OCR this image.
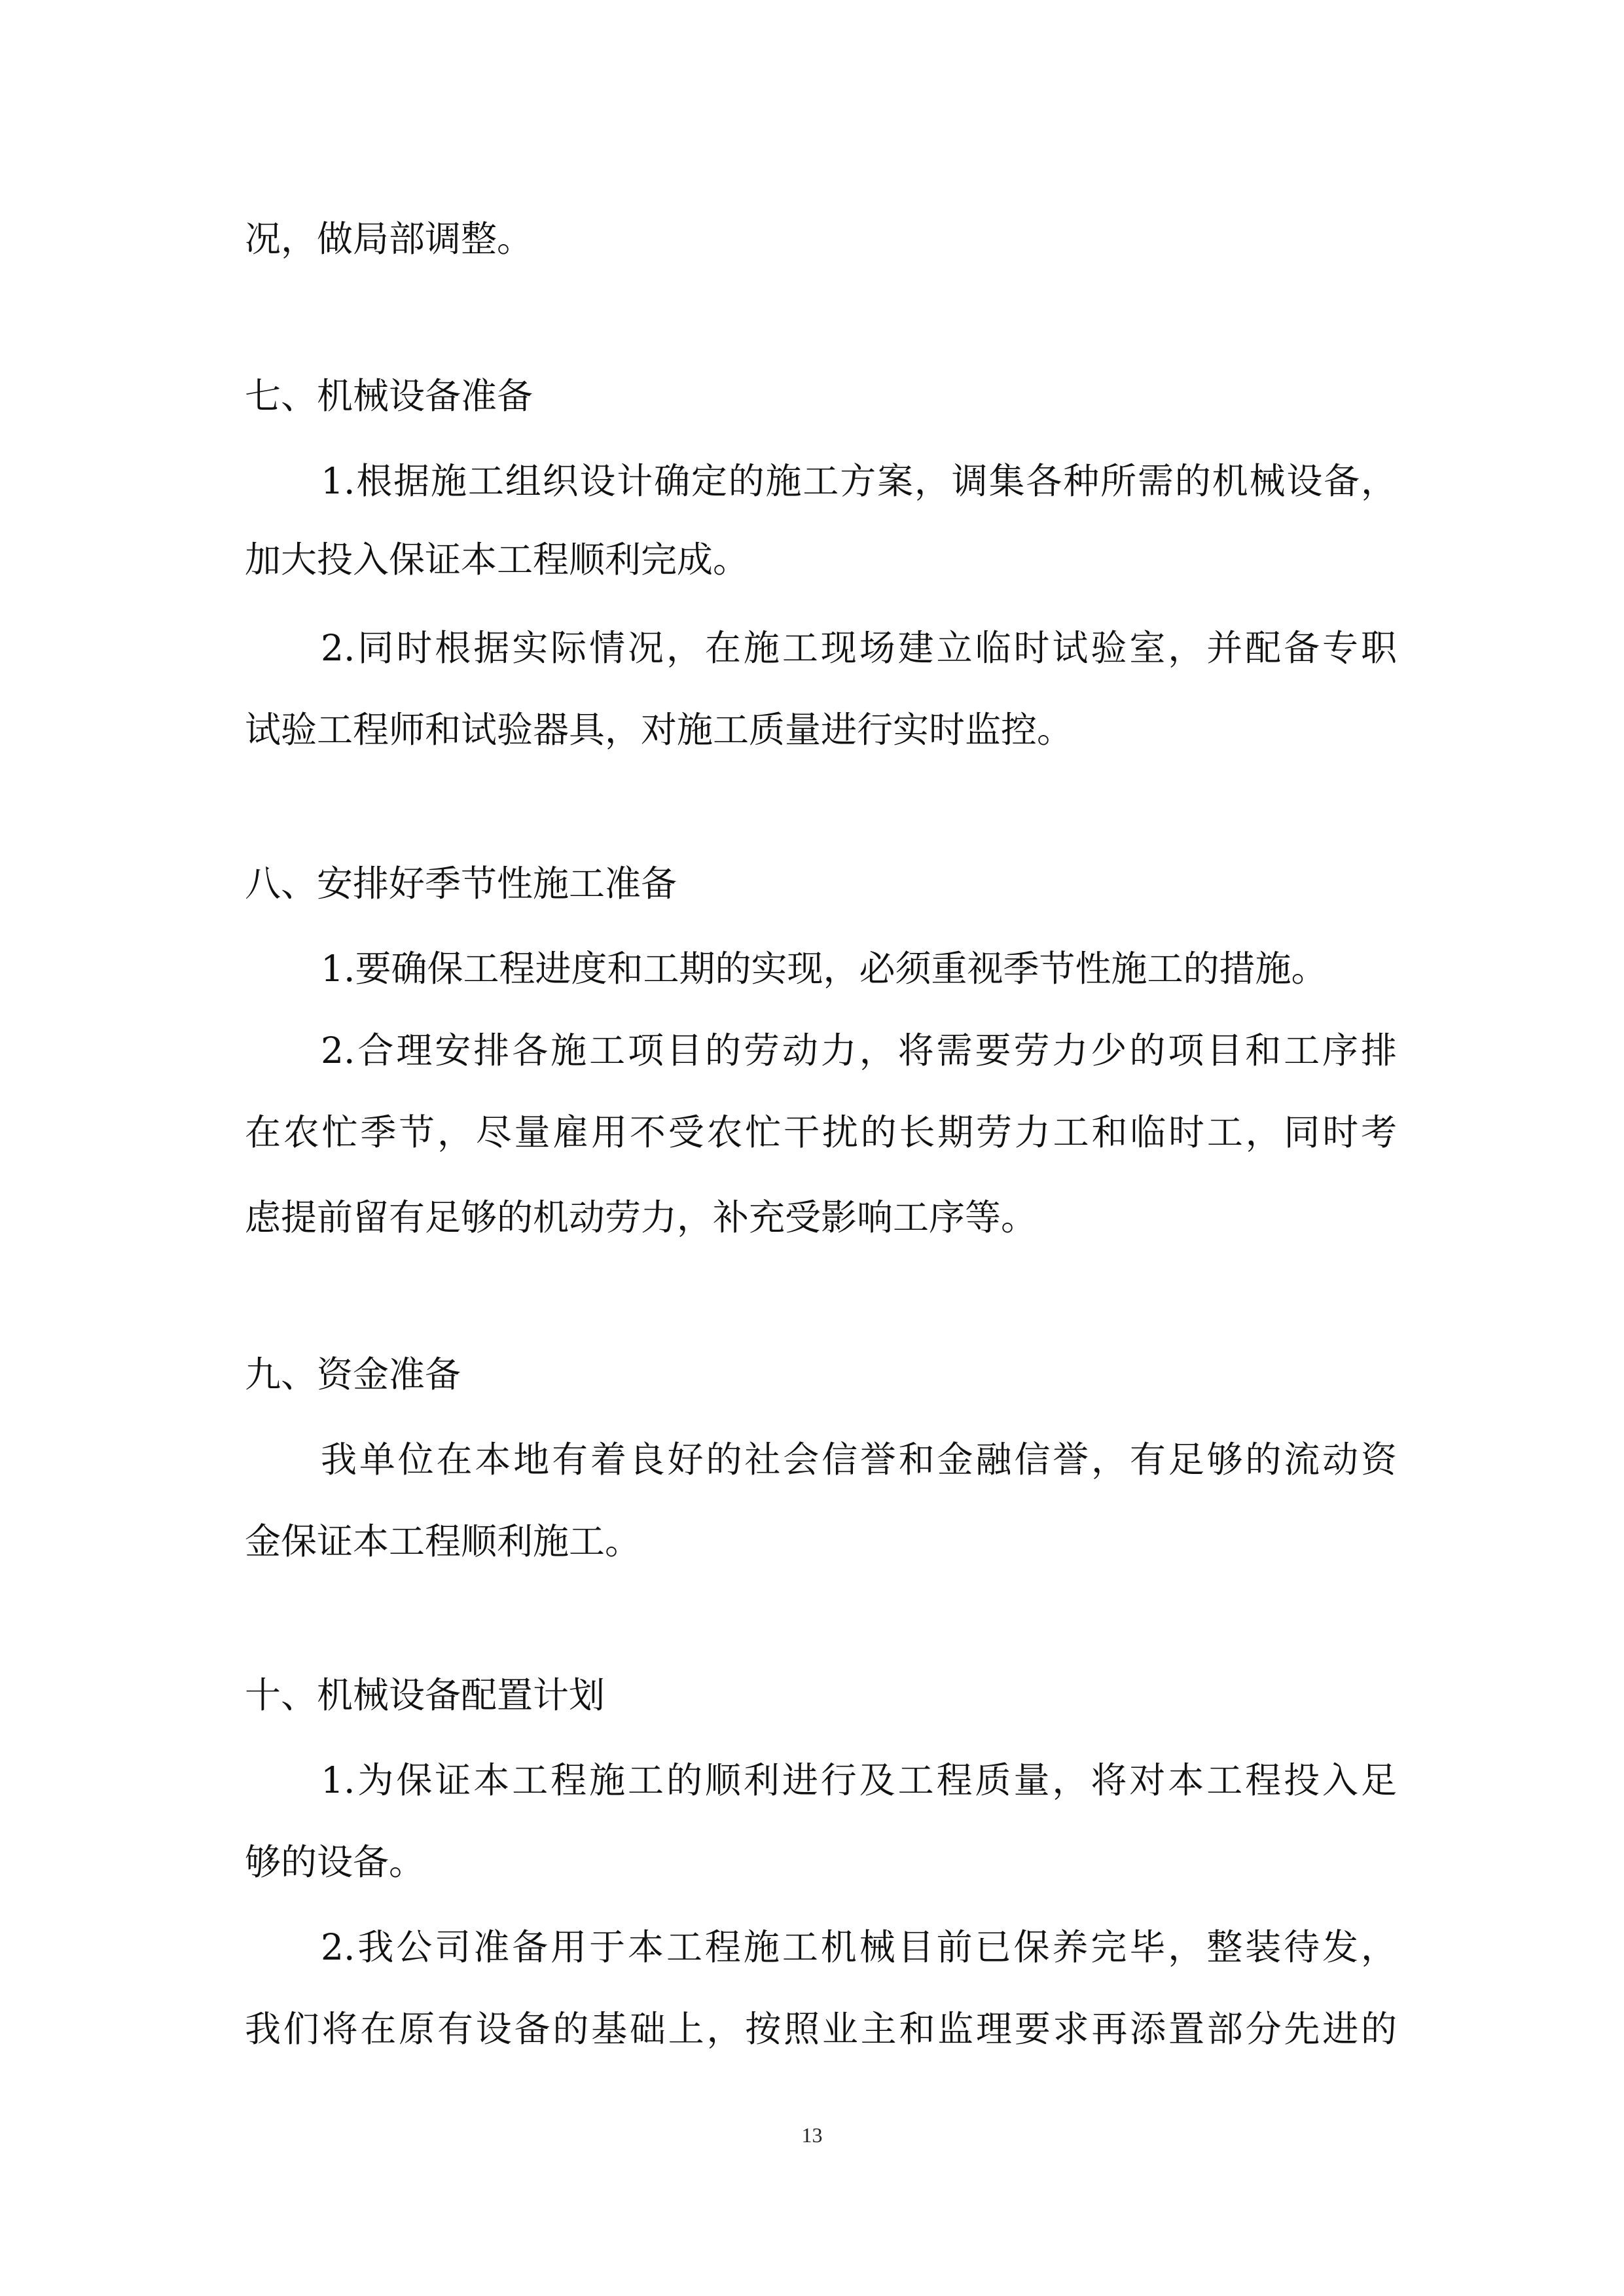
况，做局部调整。
七、机械设备准备
1.根据施工组织设计确定的施工方案，调集各种所需的机械设备，
加大投入保证本工程顺利完成。
2.同时根据实际情况，在施工现场建立临时试验室，并配备专职
试验工程师和试验器具，对施工质量进行实时监控。
八、安排好季节性施工准备
1.要确保工程进度和工期的实现，必须重视季节性施工的措施。
2.合理安排各施工项目的劳动力，将需要劳力少的项目和工序排
在农忙季节，尽量雇用不受农忙干扰的长期劳力工和临时工，同时考
虑提前留有足够的机动劳力，补充受影响工序等。
九、资金准备
我单位在本地有着良好的社会信誉和金融信誉，有足够的流动资
金保证本工程顺利施工。
十、机械设备配置计划
1.为保证本工程施工的顺利进行及工程质量，将对本工程投入足
够的设备。
2.我公司准备用于本工程施工机械目前已保养完毕，整装待发，
我们将在原有设备的基础上，按照业主和监理要求再添置部分先进的
13
